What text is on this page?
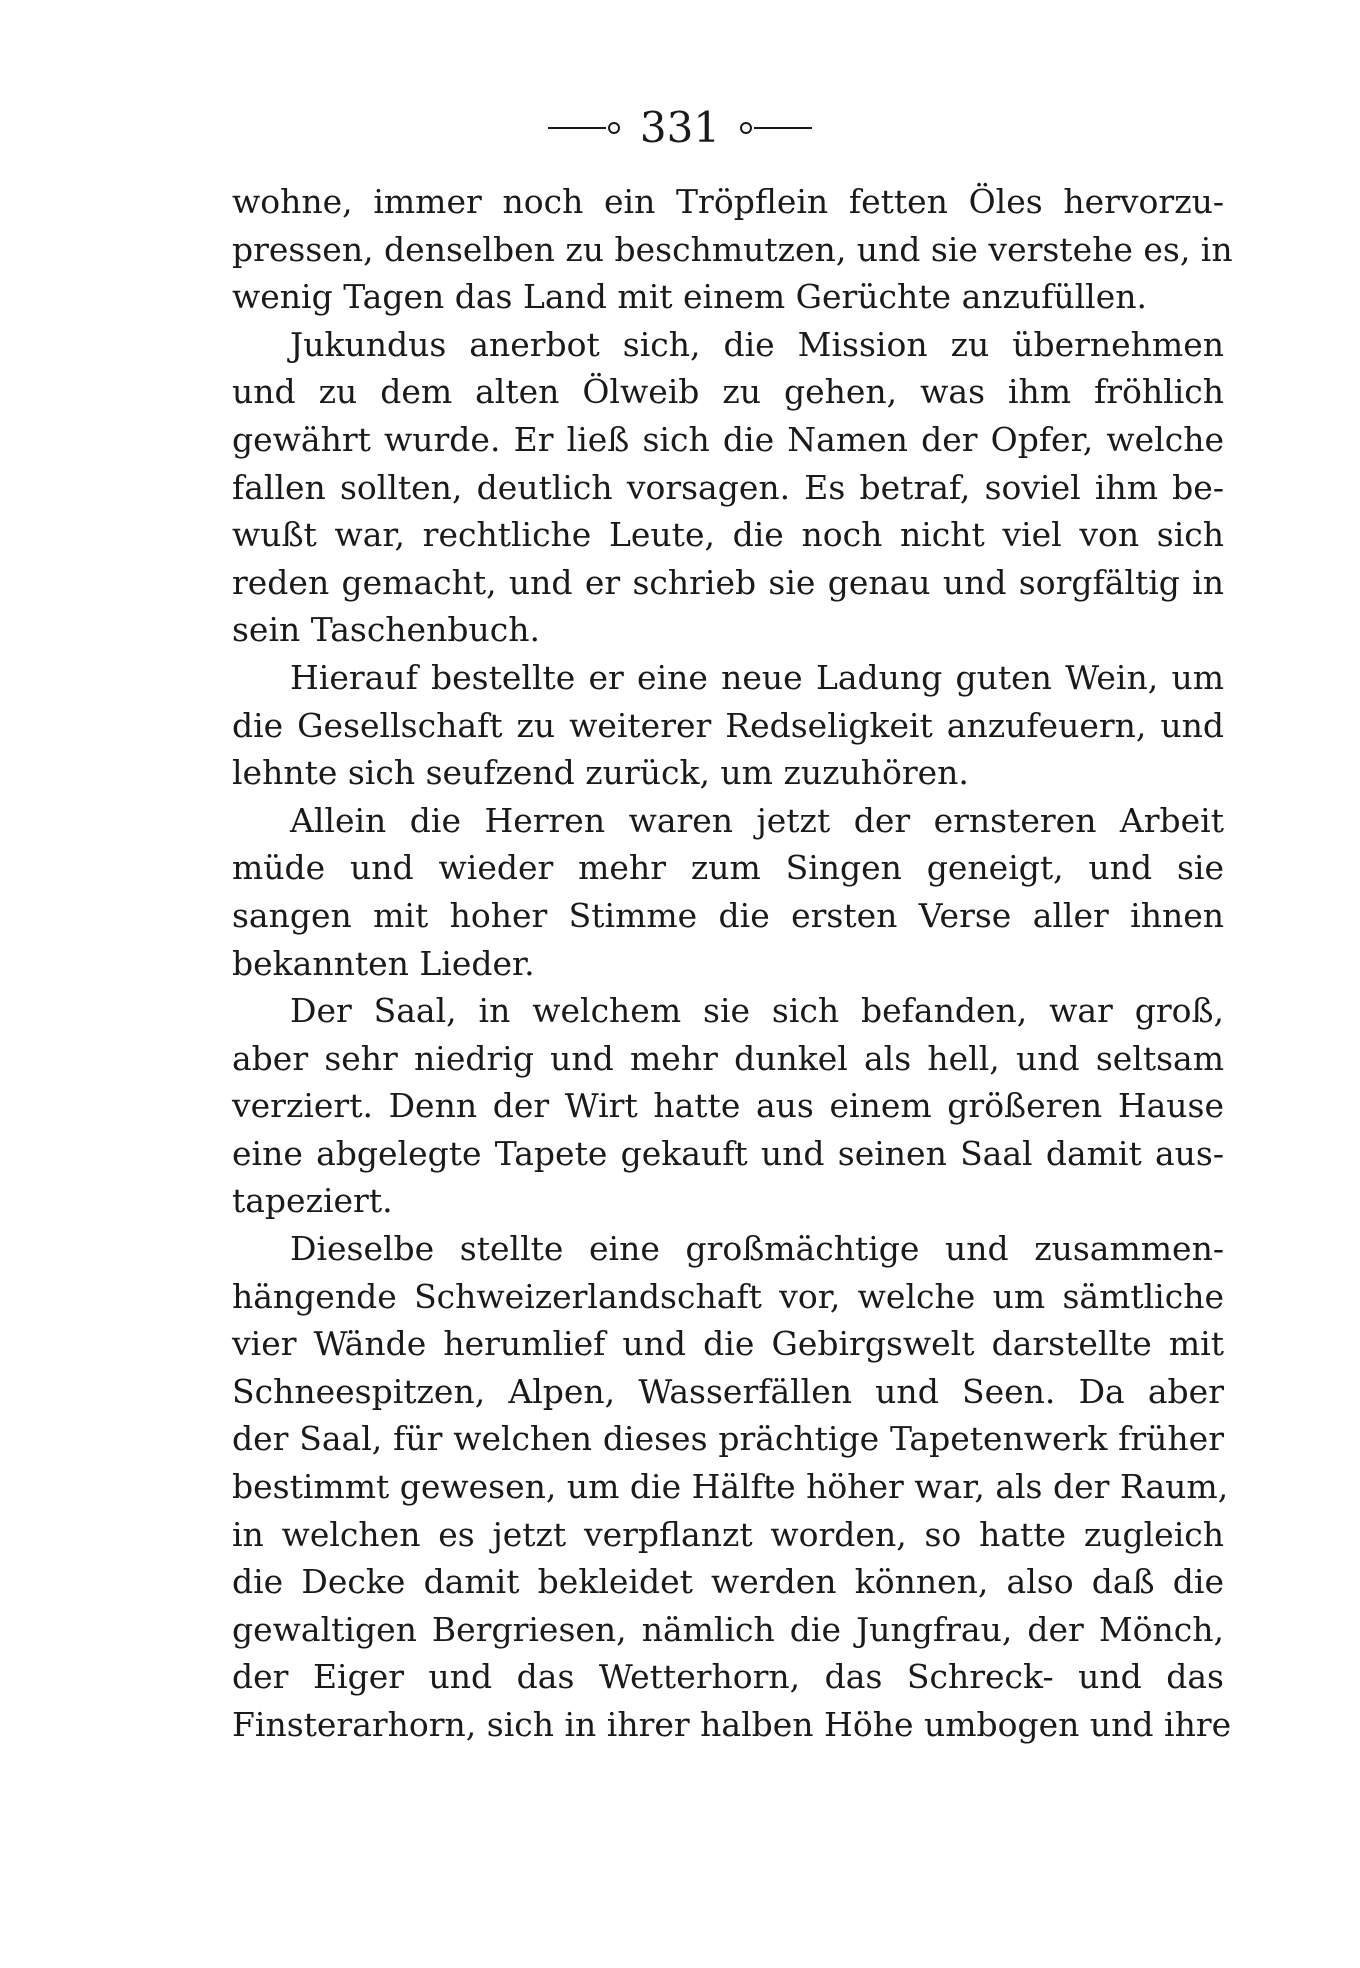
331
wohne, immer noch ein Tröpflein fetten Öles hervorzu-
pressen, denselben zu beschmutzen, und sie verstehe es, in
wenig Tagen das Land mit einem Gerüchte anzufüllen.
Jukundus anerbot sich, die Mission zu übernehmen
und zu dem alten Ölweib zu gehen, was ihm fröhlich
gewährt wurde. Er ließ sich die Namen der Opfer, welche
fallen sollten, deutlich vorsagen. Es betraf, soviel ihm be-
wußt war, rechtliche Leute, die noch nicht viel von sich
reden gemacht, und er schrieb sie genau und sorgfältig in
sein Taschenbuch.
Hierauf bestellte er eine neue Ladung guten Wein, um
die Gesellschaft zu weiterer Redseligkeit anzufeuern, und
lehnte sich seufzend zurück, um zuzuhören.
Allein die Herren waren jetzt der ernsteren Arbeit
müde und wieder mehr zum Singen geneigt, und sie
sangen mit hoher Stimme die ersten Verse aller ihnen
bekannten Lieder.
Der Saal, in welchem sie sich befanden, war groß,
aber sehr niedrig und mehr dunkel als hell, und seltsam
verziert. Denn der Wirt hatte aus einem größeren Hause
eine abgelegte Tapete gekauft und seinen Saal damit aus-
tapeziert.
Dieselbe stellte eine großmächtige und zusammen-
hängende Schweizerlandschaft vor, welche um sämtliche
vier Wände herumlief und die Gebirgswelt darstellte mit
Schneespitzen, Alpen, Wasserfällen und Seen. Da aber
der Saal, für welchen dieses prächtige Tapetenwerk früher
bestimmt gewesen, um die Hälfte höher war, als der Raum,
in welchen es jetzt verpflanzt worden, so hatte zugleich
die Decke damit bekleidet werden können, also daß die
gewaltigen Bergriesen, nämlich die Jungfrau, der Mönch,
der Eiger und das Wetterhorn, das Schreck- und das
Finsterarhorn, sich in ihrer halben Höhe umbogen und ihre
